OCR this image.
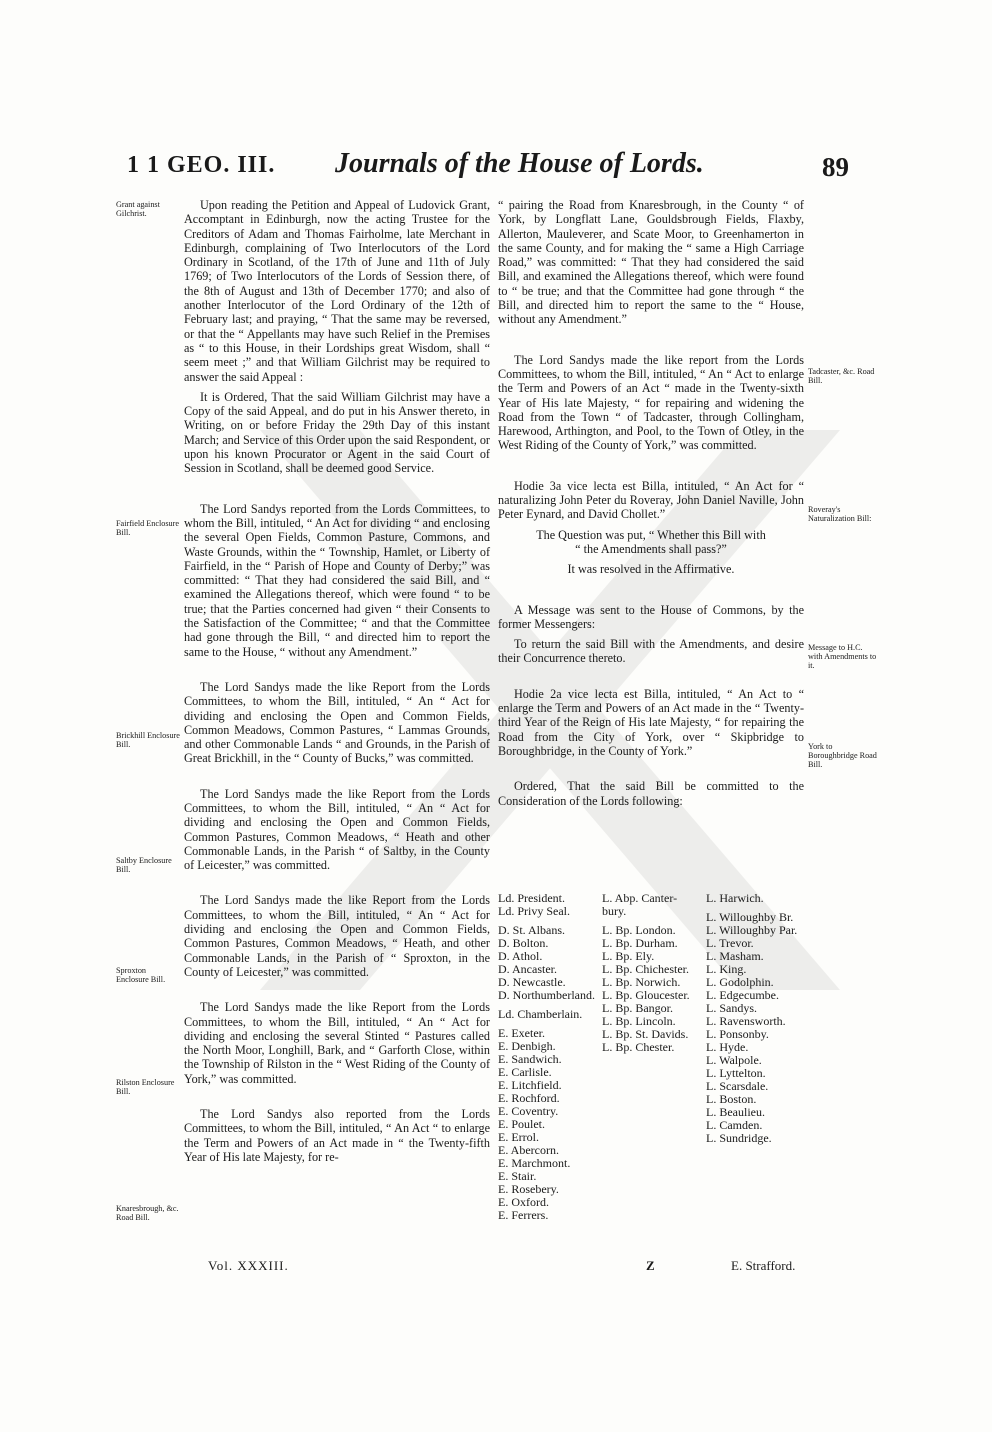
1 1 GEO. III. Journals of the House of Lords.	89
Grant against Gilchrist.
Fairfield Enclosure Bill.
Brickhill Enclosure Bill.
Saltby Enclosure Bill.
Sproxton Enclosure Bill.
Rilston Enclosure Bill.
Knaresbrough, &c. Road Bill.
Tadcaster, &c. Road Bill.
Roveray's Naturalization Bill:
Message to H.C. with Amendments to it.
York to Boroughbridge Road Bill.

Upon reading the Petition and Appeal of Ludovick Grant, Accomptant in Edinburgh, now the acting Trustee for the Creditors of Adam and Thomas Fairholme, late Merchant in Edinburgh, complaining of Two Interlocutors of the Lord Ordinary in Scotland, of the 17th of June and 11th of July 1769; of Two Interlocutors of the Lords of Session there, of the 8th of August and 13th of December 1770; and also of another Interlocutor of the Lord Ordinary of the 12th of February last; and praying, “ That the same may be reversed, or that the “ Appellants may have such Relief in the Premises as “ to this House, in their Lordships great Wisdom, shall “ seem meet ;” and that William Gilchrist may be required to answer the said Appeal :

It is Ordered, That the said William Gilchrist may have a Copy of the said Appeal, and do put in his Answer thereto, in Writing, on or before Friday the 29th Day of this instant March; and Service of this Order upon the said Respondent, or upon his known Procurator or Agent in the said Court of Session in Scotland, shall be deemed good Service.

The Lord Sandys reported from the Lords Committees, to whom the Bill, intituled, “ An Act for dividing “ and enclosing the several Open Fields, Common Pasture, Commons, and Waste Grounds, within the “ Township, Hamlet, or Liberty of Fairfield, in the “ Parish of Hope and County of Derby;” was committed: “ That they had considered the said Bill, and “ examined the Allegations thereof, which were found “ to be true; that the Parties concerned had given “ their Consents to the Satisfaction of the Committee; “ and that the Committee had gone through the Bill, “ and directed him to report the same to the House, “ without any Amendment.”

The Lord Sandys made the like Report from the Lords Committees, to whom the Bill, intituled, “ An “ Act for dividing and enclosing the Open and Common Fields, Common Meadows, Common Pastures, “ Lammas Grounds, and other Commonable Lands “ and Grounds, in the Parish of Great Brickhill, in the “ County of Bucks,” was committed.

The Lord Sandys made the like Report from the Lords Committees, to whom the Bill, intituled, “ An “ Act for dividing and enclosing the Open and Common Fields, Common Pastures, Common Meadows, “ Heath and other Commonable Lands, in the Parish “ of Saltby, in the County of Leicester,” was committed.

The Lord Sandys made the like Report from the Lords Committees, to whom the Bill, intituled, “ An “ Act for dividing and enclosing the Open and Common Fields, Common Pastures, Common Meadows, “ Heath, and other Commonable Lands, in the Parish of “ Sproxton, in the County of Leicester,” was committed.

The Lord Sandys made the like Report from the Lords Committees, to whom the Bill, intituled, “ An “ Act for dividing and enclosing the several Stinted “ Pastures called the North Moor, Longhill, Bark, and “ Garforth Close, within the Township of Rilston in the “ West Riding of the County of York,” was committed.

The Lord Sandys also reported from the Lords Committees, to whom the Bill, intituled, “ An Act “ to enlarge the Term and Powers of an Act made in “ the Twenty-fifth Year of His late Majesty, for re-

“ pairing the Road from Knaresbrough, in the County “ of York, by Longflatt Lane, Gouldsbrough Fields, Flaxby, Allerton, Mauleverer, and Scate Moor, to Greenhamerton in the same County, and for making the “ same a High Carriage Road,” was committed: “ That they had considered the said Bill, and examined the Allegations thereof, which were found to “ be true; and that the Committee had gone through “ the Bill, and directed him to report the same to the “ House, without any Amendment.”

The Lord Sandys made the like report from the Lords Committees, to whom the Bill, intituled, “ An “ Act to enlarge the Term and Powers of an Act “ made in the Twenty-sixth Year of His late Majesty, “ for repairing and widening the Road from the Town “ of Tadcaster, through Collingham, Harewood, Arthington, and Pool, to the Town of Otley, in the West Riding of the County of York,” was committed.

Hodie 3a vice lecta est Billa, intituled, “ An Act for “ naturalizing John Peter du Roveray, John Daniel Naville, John Peter Eynard, and David Chollet.”

The Question was put, “ Whether this Bill with

“ the Amendments shall pass?”

It was resolved in the Affirmative.

A Message was sent to the House of Commons, by the former Messengers:

To return the said Bill with the Amendments, and desire their Concurrence thereto.

Hodie 2a vice lecta est Billa, intituled, “ An Act to “ enlarge the Term and Powers of an Act made in the “ Twenty-third Year of the Reign of His late Majesty, “ for repairing the Road from the City of York, over “ Skipbridge to Boroughbridge, in the County of York.”

Ordered, That the said Bill be committed to the Consideration of the Lords following:

Ld. President.
Ld. Privy Seal.

D. St. Albans.
D. Bolton.
D. Athol.
D. Ancaster.
D. Newcastle.
D. Northumberland.

Ld. Chamberlain.

E. Exeter.
E. Denbigh.
E. Sandwich.
E. Carlisle.
E. Litchfield.
E. Rochford.
E. Coventry.
E. Poulet.
E. Errol.
E. Abercorn.
E. Marchmont.
E. Stair.
E. Rosebery.
E. Oxford.
E. Ferrers.
L. Abp. Canter-
bury.

L. Bp. London.
L. Bp. Durham.
L. Bp. Ely.
L. Bp. Chichester.
L. Bp. Norwich.
L. Bp. Gloucester.
L. Bp. Bangor.
L. Bp. Lincoln.
L. Bp. St. Davids.
L. Bp. Chester.
L. Harwich.

L. Willoughby Br.
L. Willoughby Par.
L. Trevor.
L. Masham.
L. King.
L. Godolphin.
L. Edgecumbe.
L. Sandys.
L. Ravensworth.
L. Ponsonby.
L. Hyde.
L. Walpole.
L. Lyttelton.
L. Scarsdale.
L. Boston.
L. Beaulieu.
L. Camden.
L. Sundridge.
Vol. XXXIII.	Z	E. Strafford.
